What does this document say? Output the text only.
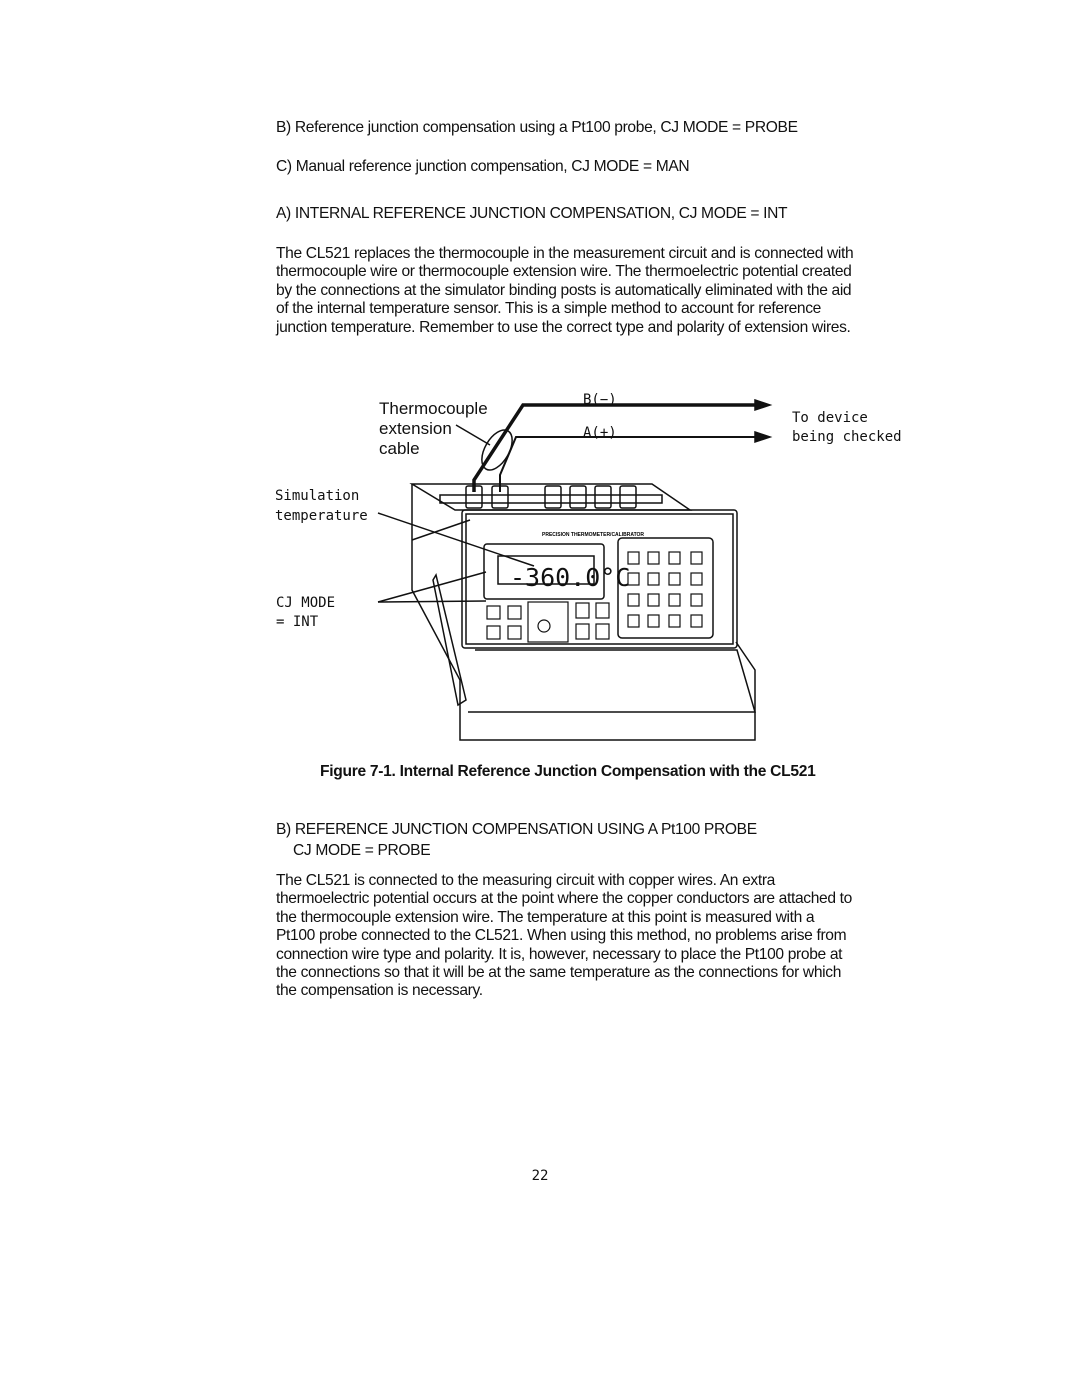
B) Reference junction compensation using a Pt100 probe, CJ MODE = PROBE
C) Manual reference junction compensation, CJ MODE = MAN
A) INTERNAL REFERENCE JUNCTION COMPENSATION, CJ MODE = INT
The CL521 replaces the thermocouple in the measurement circuit and is connected with
thermocouple wire or thermocouple extension wire. The thermoelectric potential created
by the connections at the simulator binding posts is automatically eliminated with the aid
of the internal temperature sensor. This is a simple method to account for reference
junction temperature. Remember to use the correct type and polarity of extension wires.
-360.0°C
PRECISION THERMOMETER/CALIBRATOR
Thermocouple
extension
cable
B(−)
A(+)
To device
being checked
Simulation
temperature
CJ MODE
= INT
Figure 7-1. Internal Reference Junction Compensation with the CL521
B) REFERENCE JUNCTION COMPENSATION USING A Pt100 PROBE
CJ MODE = PROBE
The CL521 is connected to the measuring circuit with copper wires. An extra
thermoelectric potential occurs at the point where the copper conductors are attached to
the thermocouple extension wire. The temperature at this point is measured with a
Pt100 probe connected to the CL521. When using this method, no problems arise from
connection wire type and polarity. It is, however, necessary to place the Pt100 probe at
the connections so that it will be at the same temperature as the connections for which
the compensation is necessary.
22
